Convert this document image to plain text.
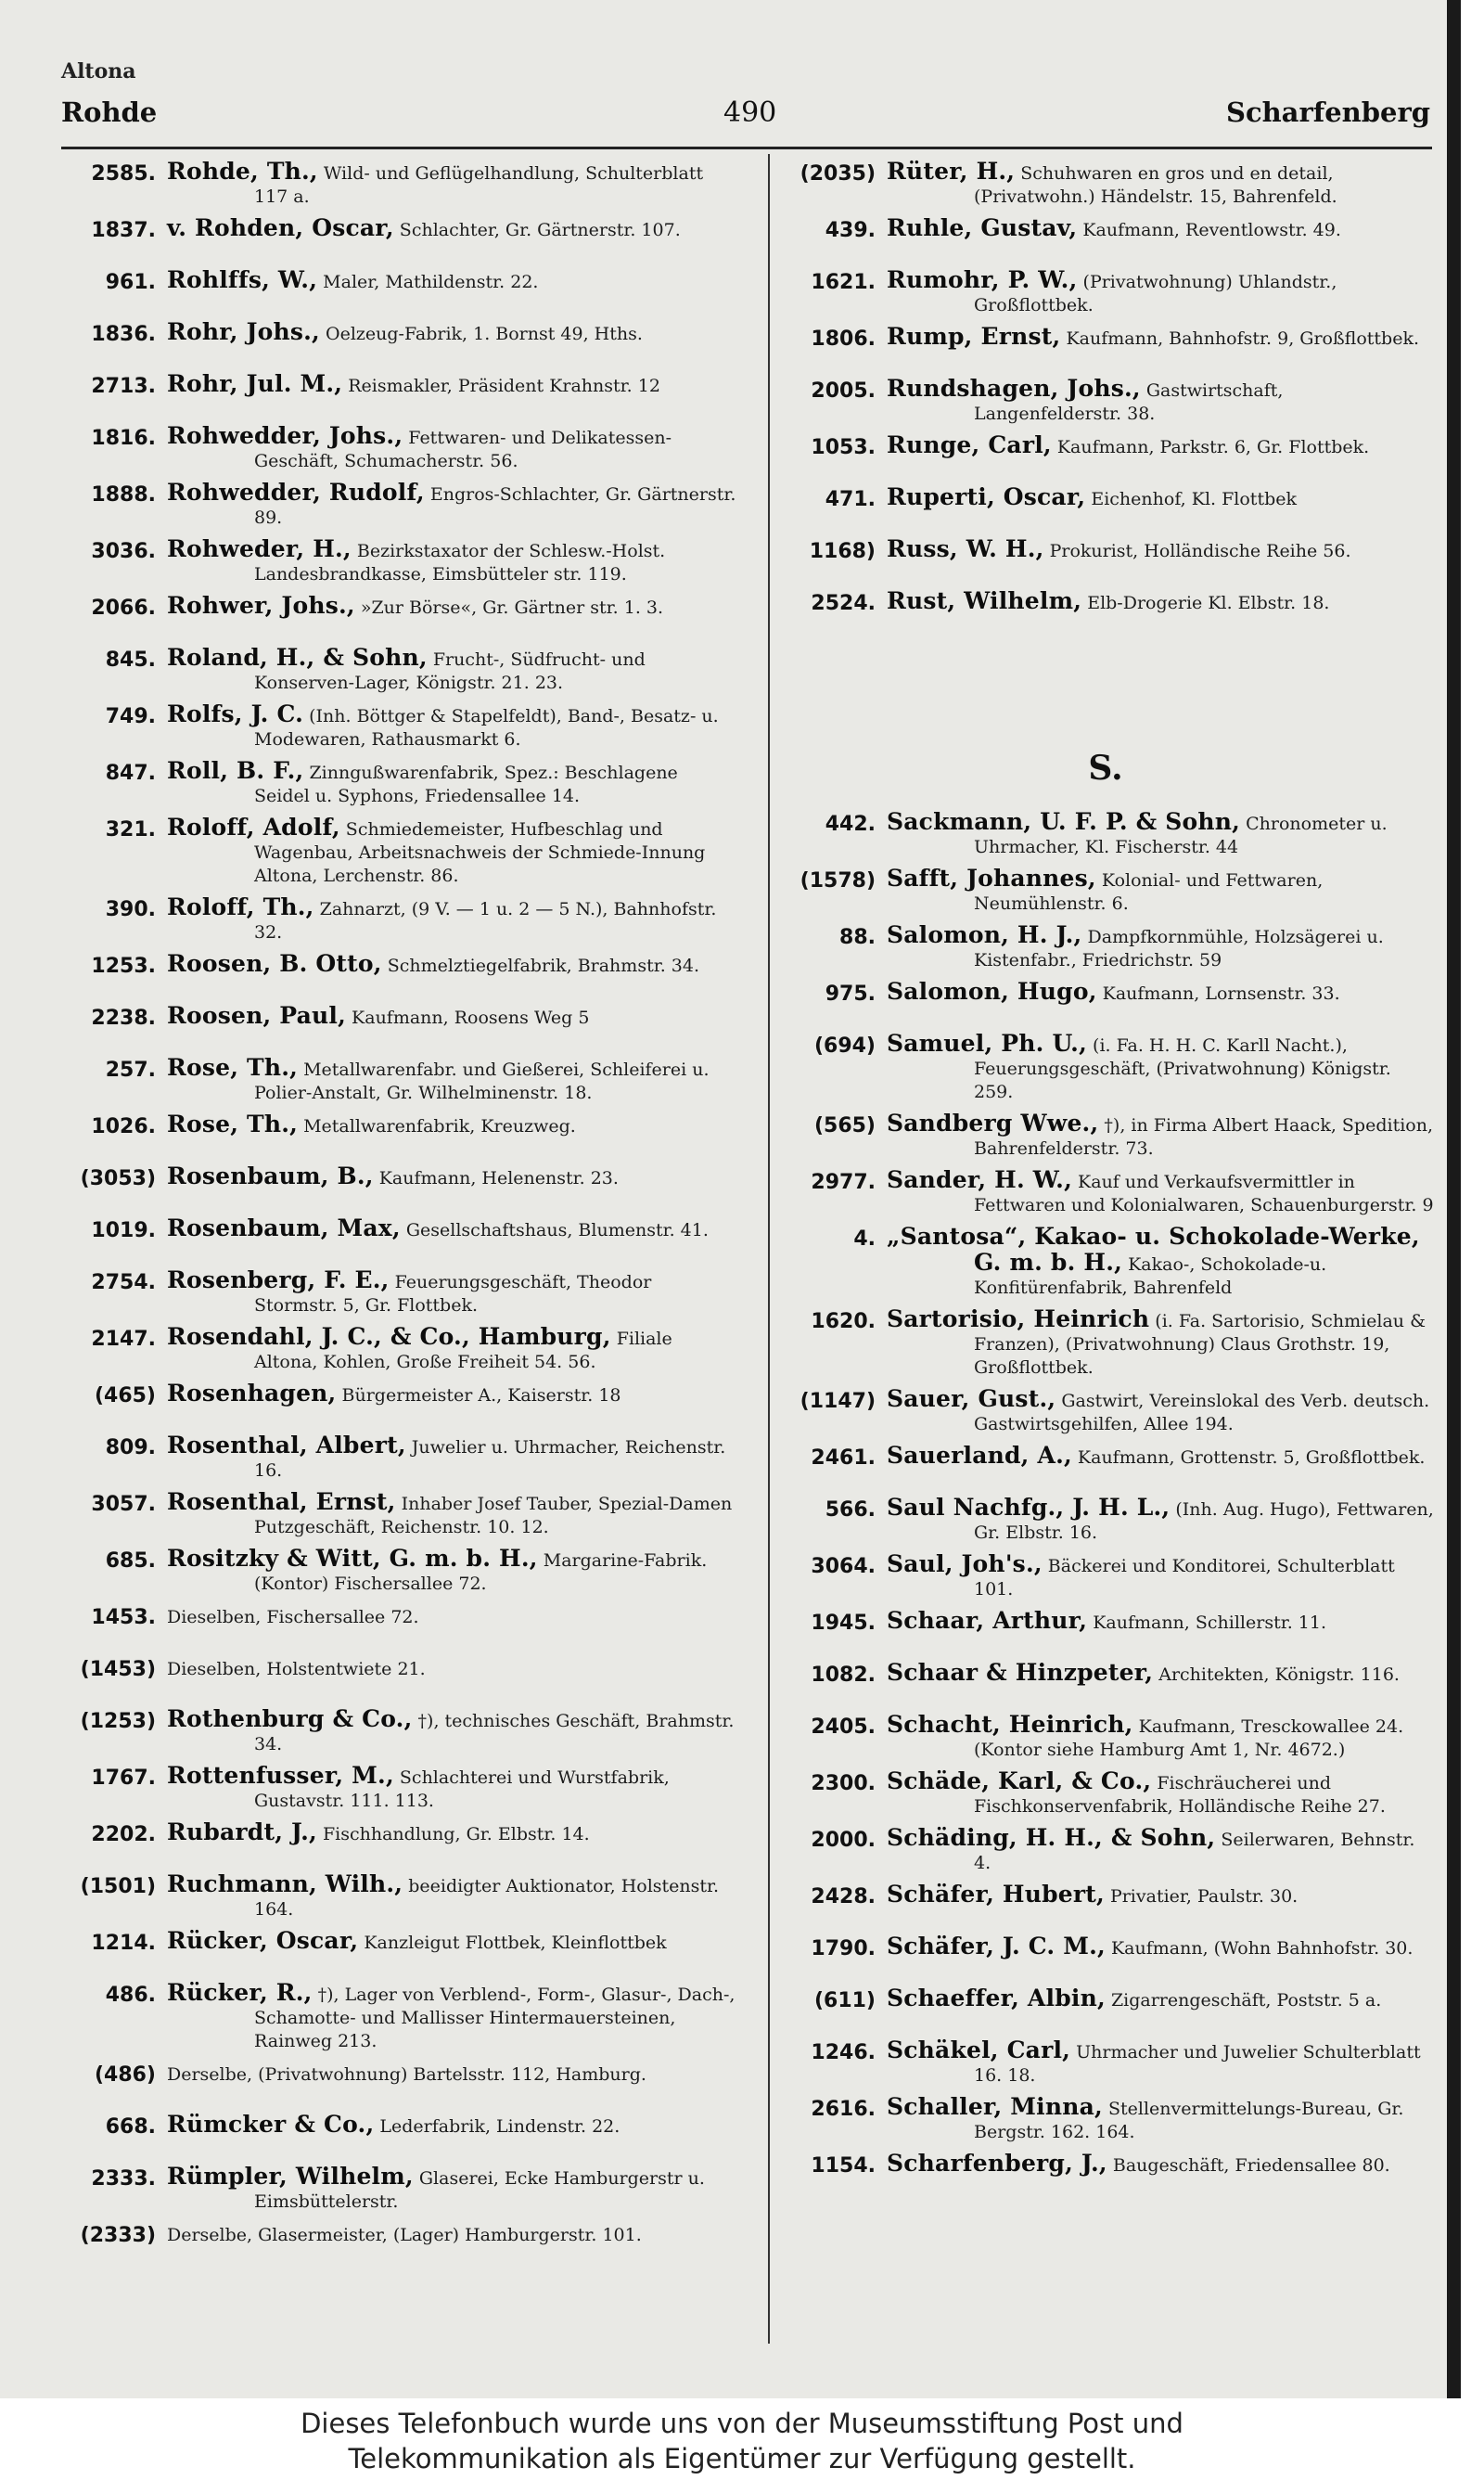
Altona
Rohde	490	Scharfenberg
2585. Rohde, Th., Wild- und Geflügelhandlung, Schulterblatt 117 a.
1837. v. Rohden, Oscar, Schlachter, Gr. Gärtnerstr. 107.
961. Rohlffs, W., Maler, Mathildenstr. 22.
1836. Rohr, Johs., Oelzeug-Fabrik, 1. Bornst 49, Hths.
2713. Rohr, Jul. M., Reismakler, Präsident Krahnstr. 12
1816. Rohwedder, Johs., Fettwaren- und Delikatessen-Geschäft, Schumacherstr. 56.
1888. Rohwedder, Rudolf, Engros-Schlachter, Gr. Gärtnerstr. 89.
3036. Rohweder, H., Bezirkstaxator der Schlesw.-Holst. Landesbrandkasse, Eimsbütteler str. 119.
2066. Rohwer, Johs., »Zur Börse«, Gr. Gärtner str. 1. 3.
845. Roland, H., & Sohn, Frucht-, Südfrucht- und Konserven-Lager, Königstr. 21. 23.
749. Rolfs, J. C. (Inh. Böttger & Stapelfeldt), Band-, Besatz- u. Modewaren, Rathausmarkt 6.
847. Roll, B. F., Zinngußwarenfabrik, Spez.: Beschlagene Seidel u. Syphons, Friedensallee 14.
321. Roloff, Adolf, Schmiedemeister, Hufbeschlag und Wagenbau, Arbeitsnachweis der Schmiede-Innung Altona, Lerchenstr. 86.
390. Roloff, Th., Zahnarzt, (9 V. — 1 u. 2 — 5 N.), Bahnhofstr. 32.
1253. Roosen, B. Otto, Schmelztiegelfabrik, Brahmstr. 34.
2238. Roosen, Paul, Kaufmann, Roosens Weg 5
257. Rose, Th., Metallwarenfabr. und Gießerei, Schleiferei u. Polier-Anstalt, Gr. Wilhelminenstr. 18.
1026. Rose, Th., Metallwarenfabrik, Kreuzweg.
(3053) Rosenbaum, B., Kaufmann, Helenenstr. 23.
1019. Rosenbaum, Max, Gesellschaftshaus, Blumenstr. 41.
2754. Rosenberg, F. E., Feuerungsgeschäft, Theodor Stormstr. 5, Gr. Flottbek.
2147. Rosendahl, J. C., & Co., Hamburg, Filiale Altona, Kohlen, Große Freiheit 54. 56.
(465) Rosenhagen, Bürgermeister A., Kaiserstr. 18
809. Rosenthal, Albert, Juwelier u. Uhrmacher, Reichenstr. 16.
3057. Rosenthal, Ernst, Inhaber Josef Tauber, Spezial-Damen Putzgeschäft, Reichenstr. 10. 12.
685. Rositzky & Witt, G. m. b. H., Margarine-Fabrik. (Kontor) Fischersallee 72.
1453. Dieselben, Fischersallee 72.
(1453) Dieselben, Holstentwiete 21.
(1253) Rothenburg & Co., †), technisches Geschäft, Brahmstr. 34.
1767. Rottenfusser, M., Schlachterei und Wurstfabrik, Gustavstr. 111. 113.
2202. Rubardt, J., Fischhandlung, Gr. Elbstr. 14.
(1501) Ruchmann, Wilh., beeidigter Auktionator, Holstenstr. 164.
1214. Rücker, Oscar, Kanzleigut Flottbek, Kleinflottbek
486. Rücker, R., †), Lager von Verblend-, Form-, Glasur-, Dach-, Schamotte- und Mallisser Hintermauersteinen, Rainweg 213.
(486) Derselbe, (Privatwohnung) Bartelsstr. 112, Hamburg.
668. Rümcker & Co., Lederfabrik, Lindenstr. 22.
2333. Rümpler, Wilhelm, Glaserei, Ecke Hamburgerstr u. Eimsbüttelerstr.
(2333) Derselbe, Glasermeister, (Lager) Hamburgerstr. 101.
(2035) Rüter, H., Schuhwaren en gros und en detail, (Privatwohn.) Händelstr. 15, Bahrenfeld.
439. Ruhle, Gustav, Kaufmann, Reventlowstr. 49.
1621. Rumohr, P. W., (Privatwohnung) Uhlandstr., Großflottbek.
1806. Rump, Ernst, Kaufmann, Bahnhofstr. 9, Großflottbek.
2005. Rundshagen, Johs., Gastwirtschaft, Langenfelderstr. 38.
1053. Runge, Carl, Kaufmann, Parkstr. 6, Gr. Flottbek.
471. Ruperti, Oscar, Eichenhof, Kl. Flottbek
1168) Russ, W. H., Prokurist, Holländische Reihe 56.
2524. Rust, Wilhelm, Elb-Drogerie Kl. Elbstr. 18.
S.
442. Sackmann, U. F. P. & Sohn, Chronometer u. Uhrmacher, Kl. Fischerstr. 44
(1578) Safft, Johannes, Kolonial- und Fettwaren, Neumühlenstr. 6.
88. Salomon, H. J., Dampfkornmühle, Holzsägerei u. Kistenfabr., Friedrichstr. 59
975. Salomon, Hugo, Kaufmann, Lornsenstr. 33.
(694) Samuel, Ph. U., (i. Fa. H. H. C. Karll Nacht.), Feuerungsgeschäft, (Privatwohnung) Königstr. 259.
(565) Sandberg Wwe., †), in Firma Albert Haack, Spedition, Bahrenfelderstr. 73.
2977. Sander, H. W., Kauf und Verkaufsvermittler in Fettwaren und Kolonialwaren, Schauenburgerstr. 9
4. „Santosa“, Kakao- u. Schokolade-Werke, G. m. b. H., Kakao-, Schokolade-u. Konfitürenfabrik, Bahrenfeld
1620. Sartorisio, Heinrich (i. Fa. Sartorisio, Schmielau & Franzen), (Privatwohnung) Claus Grothstr. 19, Großflottbek.
(1147) Sauer, Gust., Gastwirt, Vereinslokal des Verb. deutsch. Gastwirtsgehilfen, Allee 194.
2461. Sauerland, A., Kaufmann, Grottenstr. 5, Großflottbek.
566. Saul Nachfg., J. H. L., (Inh. Aug. Hugo), Fettwaren, Gr. Elbstr. 16.
3064. Saul, Joh's., Bäckerei und Konditorei, Schulterblatt 101.
1945. Schaar, Arthur, Kaufmann, Schillerstr. 11.
1082. Schaar & Hinzpeter, Architekten, Königstr. 116.
2405. Schacht, Heinrich, Kaufmann, Tresckowallee 24. (Kontor siehe Hamburg Amt 1, Nr. 4672.)
2300. Schäde, Karl, & Co., Fischräucherei und Fischkonservenfabrik, Holländische Reihe 27.
2000. Schäding, H. H., & Sohn, Seilerwaren, Behnstr. 4.
2428. Schäfer, Hubert, Privatier, Paulstr. 30.
1790. Schäfer, J. C. M., Kaufmann, (Wohn Bahnhofstr. 30.
(611) Schaeffer, Albin, Zigarrengeschäft, Poststr. 5 a.
1246. Schäkel, Carl, Uhrmacher und Juwelier Schulterblatt 16. 18.
2616. Schaller, Minna, Stellenvermittelungs-Bureau, Gr. Bergstr. 162. 164.
1154. Scharfenberg, J., Baugeschäft, Friedensallee 80.
Dieses Telefonbuch wurde uns von der Museumsstiftung Post und
Telekommunikation als Eigentümer zur Verfügung gestellt.
